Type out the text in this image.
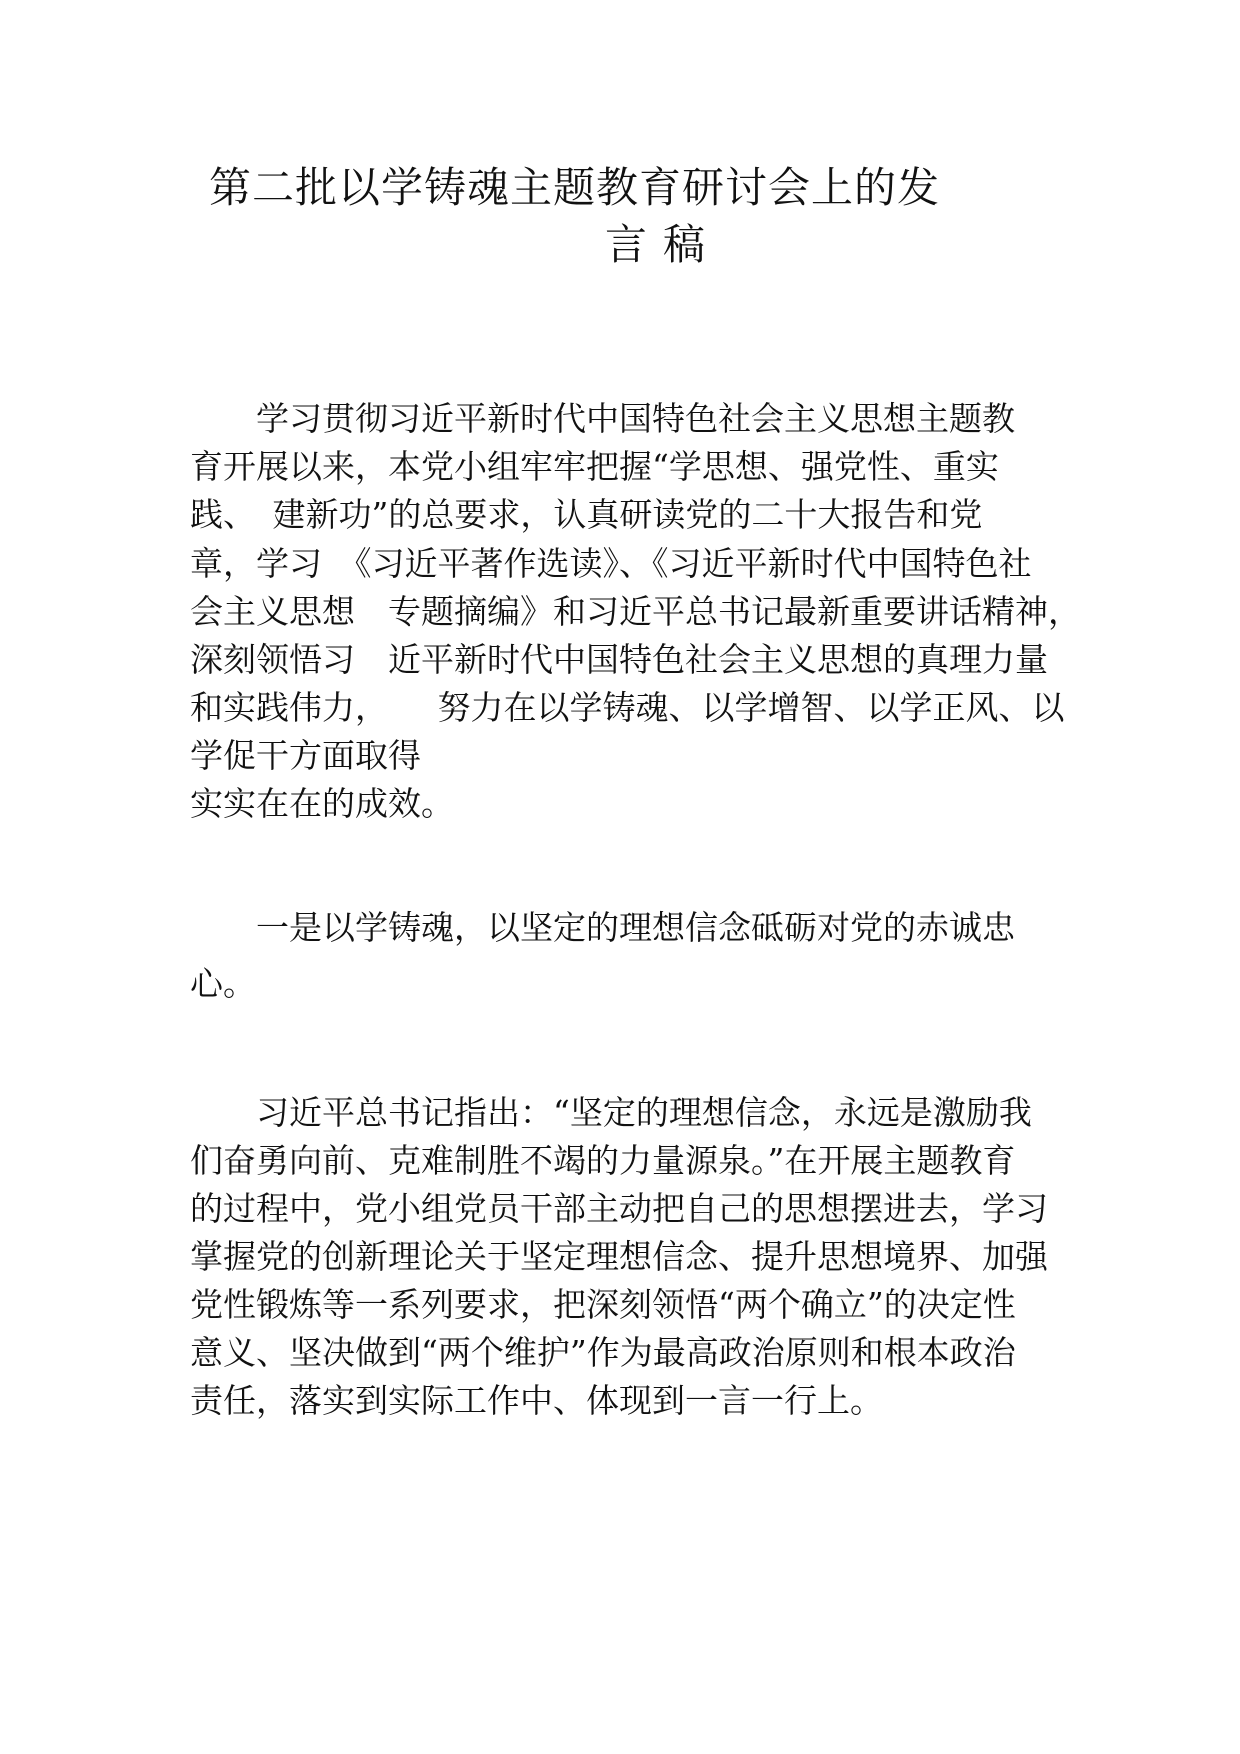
第二批以学铸魂主题教育研讨会上的发
言稿
　　学习贯彻习近平新时代中国特色社会主义思想主题教
育开展以来，本党小组牢牢把握“学思想、强党性、重实
践、　建新功”的总要求，认真研读党的二十大报告和党
章，学习　《习近平著作选读》、《习近平新时代中国特色社
会主义思想　专题摘编》和习近平总书记最新重要讲话精神，
深刻领悟习　近平新时代中国特色社会主义思想的真理力量
和实践伟力，　　努力在以学铸魂、以学增智、以学正风、以
学促干方面取得
实实在在的成效。
　　一是以学铸魂，以坚定的理想信念砥砺对党的赤诚忠
心。
　　习近平总书记指出：“坚定的理想信念，永远是激励我
们奋勇向前、克难制胜不竭的力量源泉。”在开展主题教育
的过程中，党小组党员干部主动把自己的思想摆进去，学习
掌握党的创新理论关于坚定理想信念、提升思想境界、加强
党性锻炼等一系列要求，把深刻领悟“两个确立”的决定性
意义、坚决做到“两个维护”作为最高政治原则和根本政治
责任，落实到实际工作中、体现到一言一行上。
